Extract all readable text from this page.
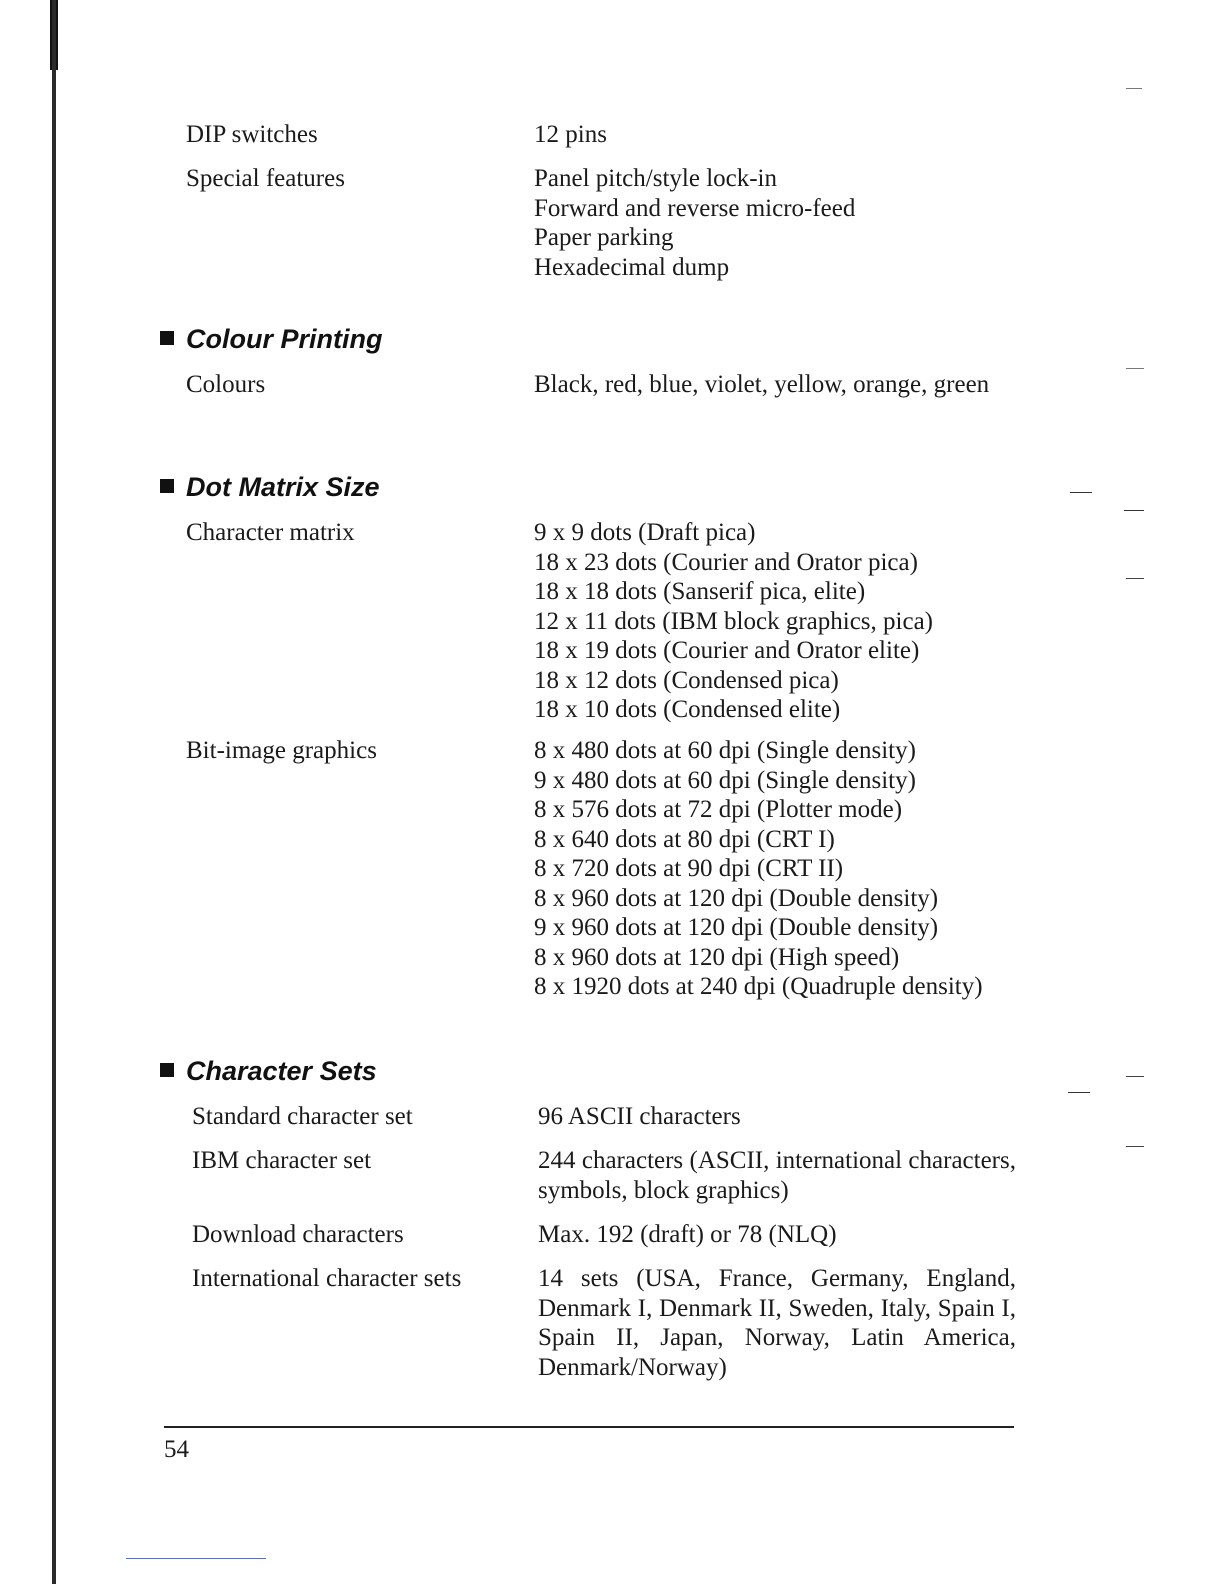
DIP switches	12 pins
Special features	Panel pitch/style lock-in
Forward and reverse micro-feed
Paper parking
Hexadecimal dump
Colour Printing
Colours	Black, red, blue, violet, yellow, orange, green
Dot Matrix Size
Character matrix	9 x 9 dots (Draft pica)
18 x 23 dots (Courier and Orator pica)
18 x 18 dots (Sanserif pica, elite)
12 x 11 dots (IBM block graphics, pica)
18 x 19 dots (Courier and Orator elite)
18 x 12 dots (Condensed pica)
18 x 10 dots (Condensed elite)
Bit-image graphics	8 x 480 dots at 60 dpi (Single density)
9 x 480 dots at 60 dpi (Single density)
8 x 576 dots at 72 dpi (Plotter mode)
8 x 640 dots at 80 dpi (CRT I)
8 x 720 dots at 90 dpi (CRT II)
8 x 960 dots at 120 dpi (Double density)
9 x 960 dots at 120 dpi (Double density)
8 x 960 dots at 120 dpi (High speed)
8 x 1920 dots at 240 dpi (Quadruple density)
Character Sets
Standard character set	96 ASCII characters
IBM character set	244 characters (ASCII, international characters, symbols, block graphics)
Download characters	Max. 192 (draft) or 78 (NLQ)
International character sets	14 sets (USA, France, Germany, England, Denmark I, Denmark II, Sweden, Italy, Spain I, Spain II, Japan, Norway, Latin America, Denmark/Norway)
54
